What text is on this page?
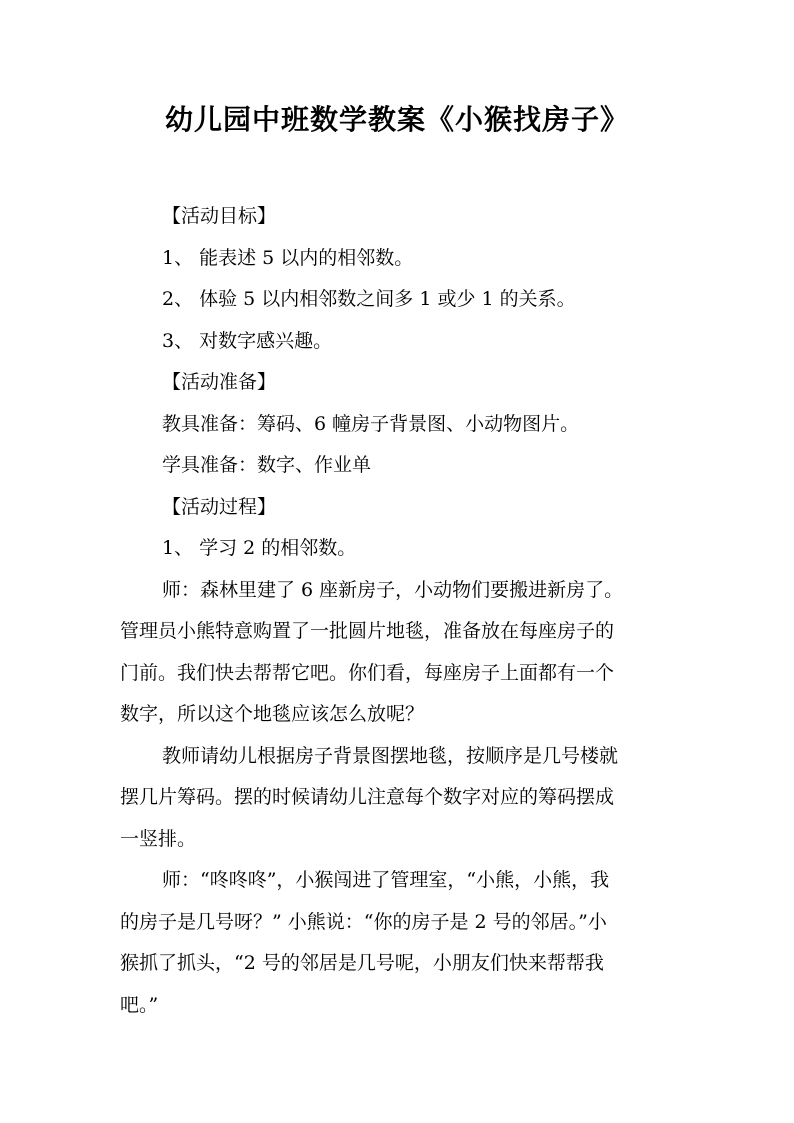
幼儿园中班数学教案《小猴找房子》
【活动目标】
1、 能表述 5 以内的相邻数。
2、 体验 5 以内相邻数之间多 1 或少 1 的关系。
3、 对数字感兴趣。
【活动准备】
教具准备：筹码、6 幢房子背景图、小动物图片。
学具准备：数字、作业单
【活动过程】
1、 学习 2 的相邻数。
师：森林里建了 6 座新房子，小动物们要搬进新房了。
管理员小熊特意购置了一批圆片地毯，准备放在每座房子的
门前。我们快去帮帮它吧。你们看，每座房子上面都有一个
数字，所以这个地毯应该怎么放呢？
教师请幼儿根据房子背景图摆地毯，按顺序是几号楼就
摆几片筹码。摆的时候请幼儿注意每个数字对应的筹码摆成
一竖排。
师：“咚咚咚”，小猴闯进了管理室，“小熊，小熊，我
的房子是几号呀？” 小熊说：“你的房子是 2 号的邻居。”小
猴抓了抓头，“2 号的邻居是几号呢，小朋友们快来帮帮我
吧。”
